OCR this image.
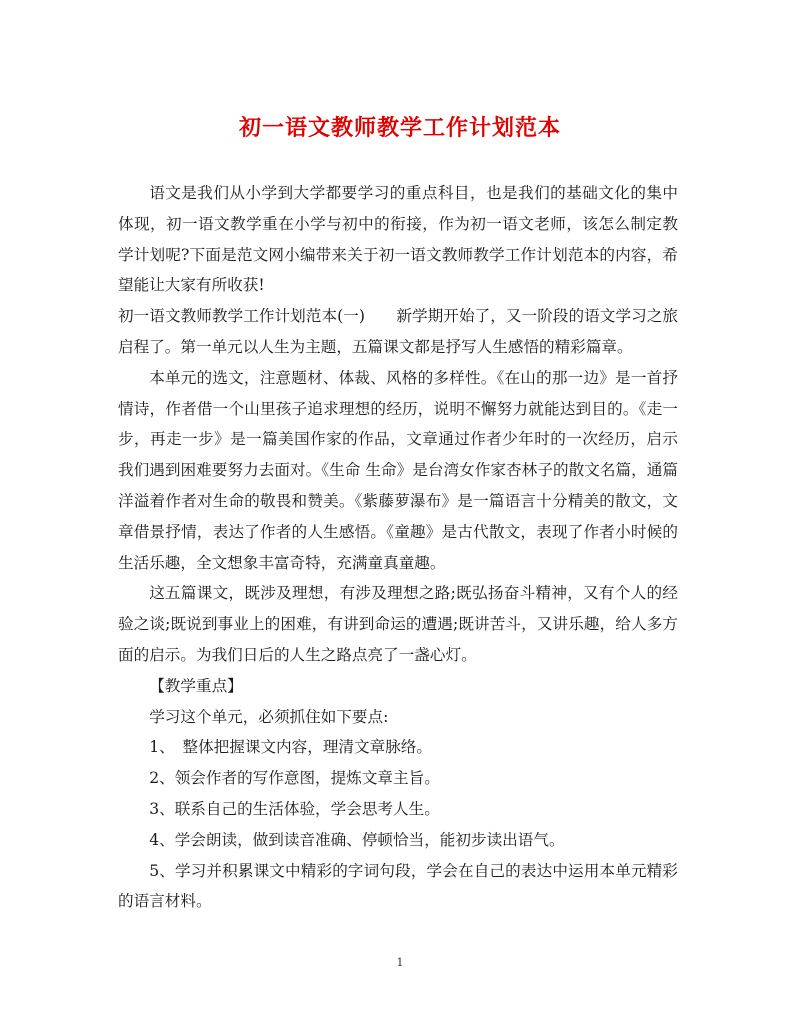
初一语文教师教学工作计划范本

语文是我们从小学到大学都要学习的重点科目，也是我们的基础文化的集中体现，初一语文教学重在小学与初中的衔接，作为初一语文老师，该怎么制定教学计划呢?下面是范文网小编带来关于初一语文教师教学工作计划范本的内容，希望能让大家有所收获!

初一语文教师教学工作计划范本(一)　　新学期开始了，又一阶段的语文学习之旅启程了。第一单元以人生为主题，五篇课文都是抒写人生感悟的精彩篇章。

本单元的选文，注意题材、体裁、风格的多样性。《在山的那一边》是一首抒情诗，作者借一个山里孩子追求理想的经历，说明不懈努力就能达到目的。《走一步，再走一步》是一篇美国作家的作品，文章通过作者少年时的一次经历，启示我们遇到困难要努力去面对。《生命 生命》是台湾女作家杏林子的散文名篇，通篇洋溢着作者对生命的敬畏和赞美。《紫藤萝瀑布》是一篇语言十分精美的散文，文章借景抒情，表达了作者的人生感悟。《童趣》是古代散文，表现了作者小时候的生活乐趣，全文想象丰富奇特，充满童真童趣。

这五篇课文，既涉及理想，有涉及理想之路;既弘扬奋斗精神，又有个人的经验之谈;既说到事业上的困难，有讲到命运的遭遇;既讲苦斗，又讲乐趣，给人多方面的启示。为我们日后的人生之路点亮了一盏心灯。

【教学重点】

学习这个单元，必须抓住如下要点:

1、　整体把握课文内容，理清文章脉络。

2、领会作者的写作意图，提炼文章主旨。

3、联系自己的生活体验，学会思考人生。

4、学会朗读，做到读音准确、停顿恰当，能初步读出语气。

5、学习并积累课文中精彩的字词句段，学会在自己的表达中运用本单元精彩的语言材料。

1
